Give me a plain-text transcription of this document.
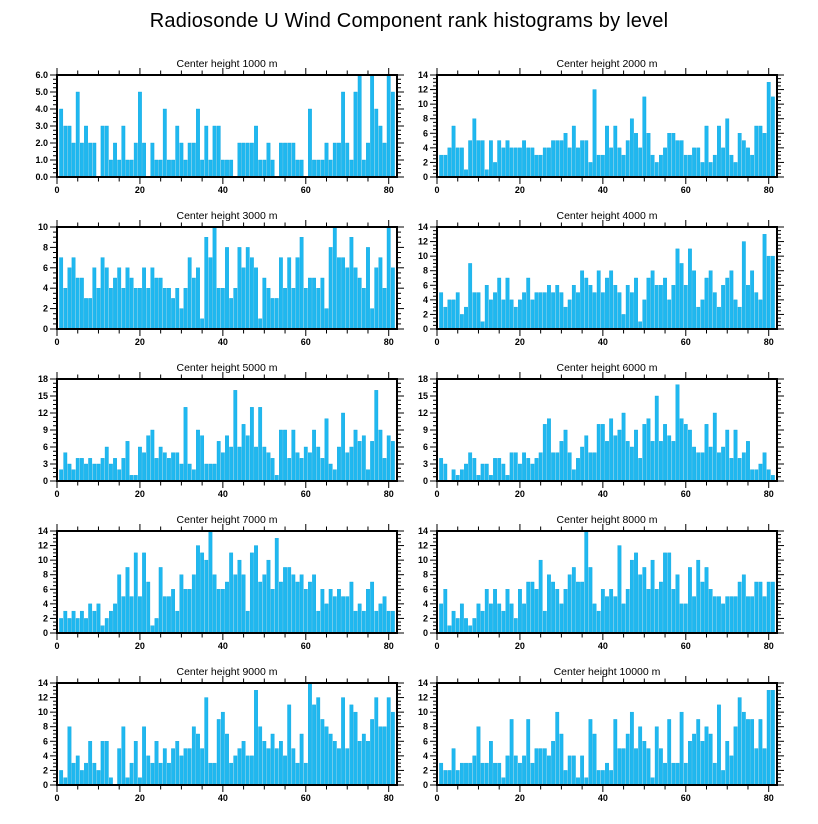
Radiosonde U Wind Component rank histograms by level
0.0
1.0
2.0
3.0
4.0
5.0
6.0
0	20	40	60	80
Center height 1000 m
0
2
4
6
8
10
12
14
0	20	40	60	80
Center height 2000 m
0
2
4
6
8
10
0	20	40	60	80
Center height 3000 m
0
2
4
6
8
10
12
14
0	20	40	60	80
Center height 4000 m
0
3
6
9
12
15
18
0	20	40	60	80
Center height 5000 m
0
3
6
9
12
15
18
0	20	40	60	80
Center height 6000 m
0
2
4
6
8
10
12
14
0	20	40	60	80
Center height 7000 m
0
2
4
6
8
10
12
14
0	20	40	60	80
Center height 8000 m
0
2
4
6
8
10
12
14
0	20	40	60	80
Center height 9000 m
0
2
4
6
8
10
12
14
0	20	40	60	80
Center height 10000 m
